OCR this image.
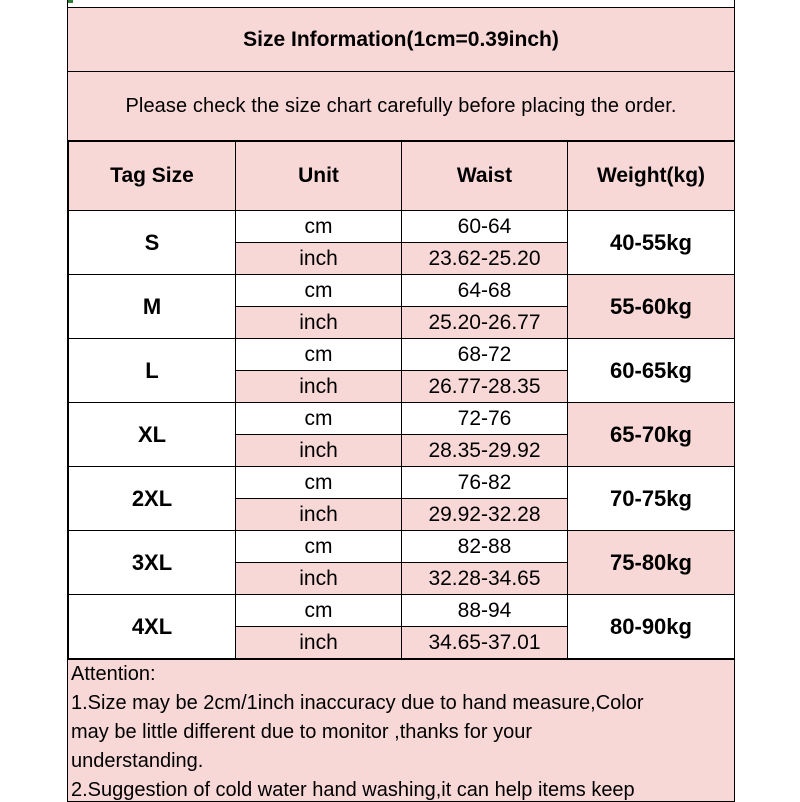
Size Information(1cm=0.39inch)
Please check the size chart carefully before placing the order.
Tag Size	Unit	Waist	Weight(kg)
S	cm	60-64	40-55kg
	inch	23.62-25.20	
M	cm	64-68	55-60kg
	inch	25.20-26.77	
L	cm	68-72	60-65kg
	inch	26.77-28.35	
XL	cm	72-76	65-70kg
	inch	28.35-29.92	
2XL	cm	76-82	70-75kg
	inch	29.92-32.28	
3XL	cm	82-88	75-80kg
	inch	32.28-34.65	
4XL	cm	88-94	80-90kg
	inch	34.65-37.01	
Attention:
1.Size may be 2cm/1inch inaccuracy due to hand measure,Color
may be little different due to monitor ,thanks for your
understanding.
2.Suggestion of cold water hand washing,it can help items keep
